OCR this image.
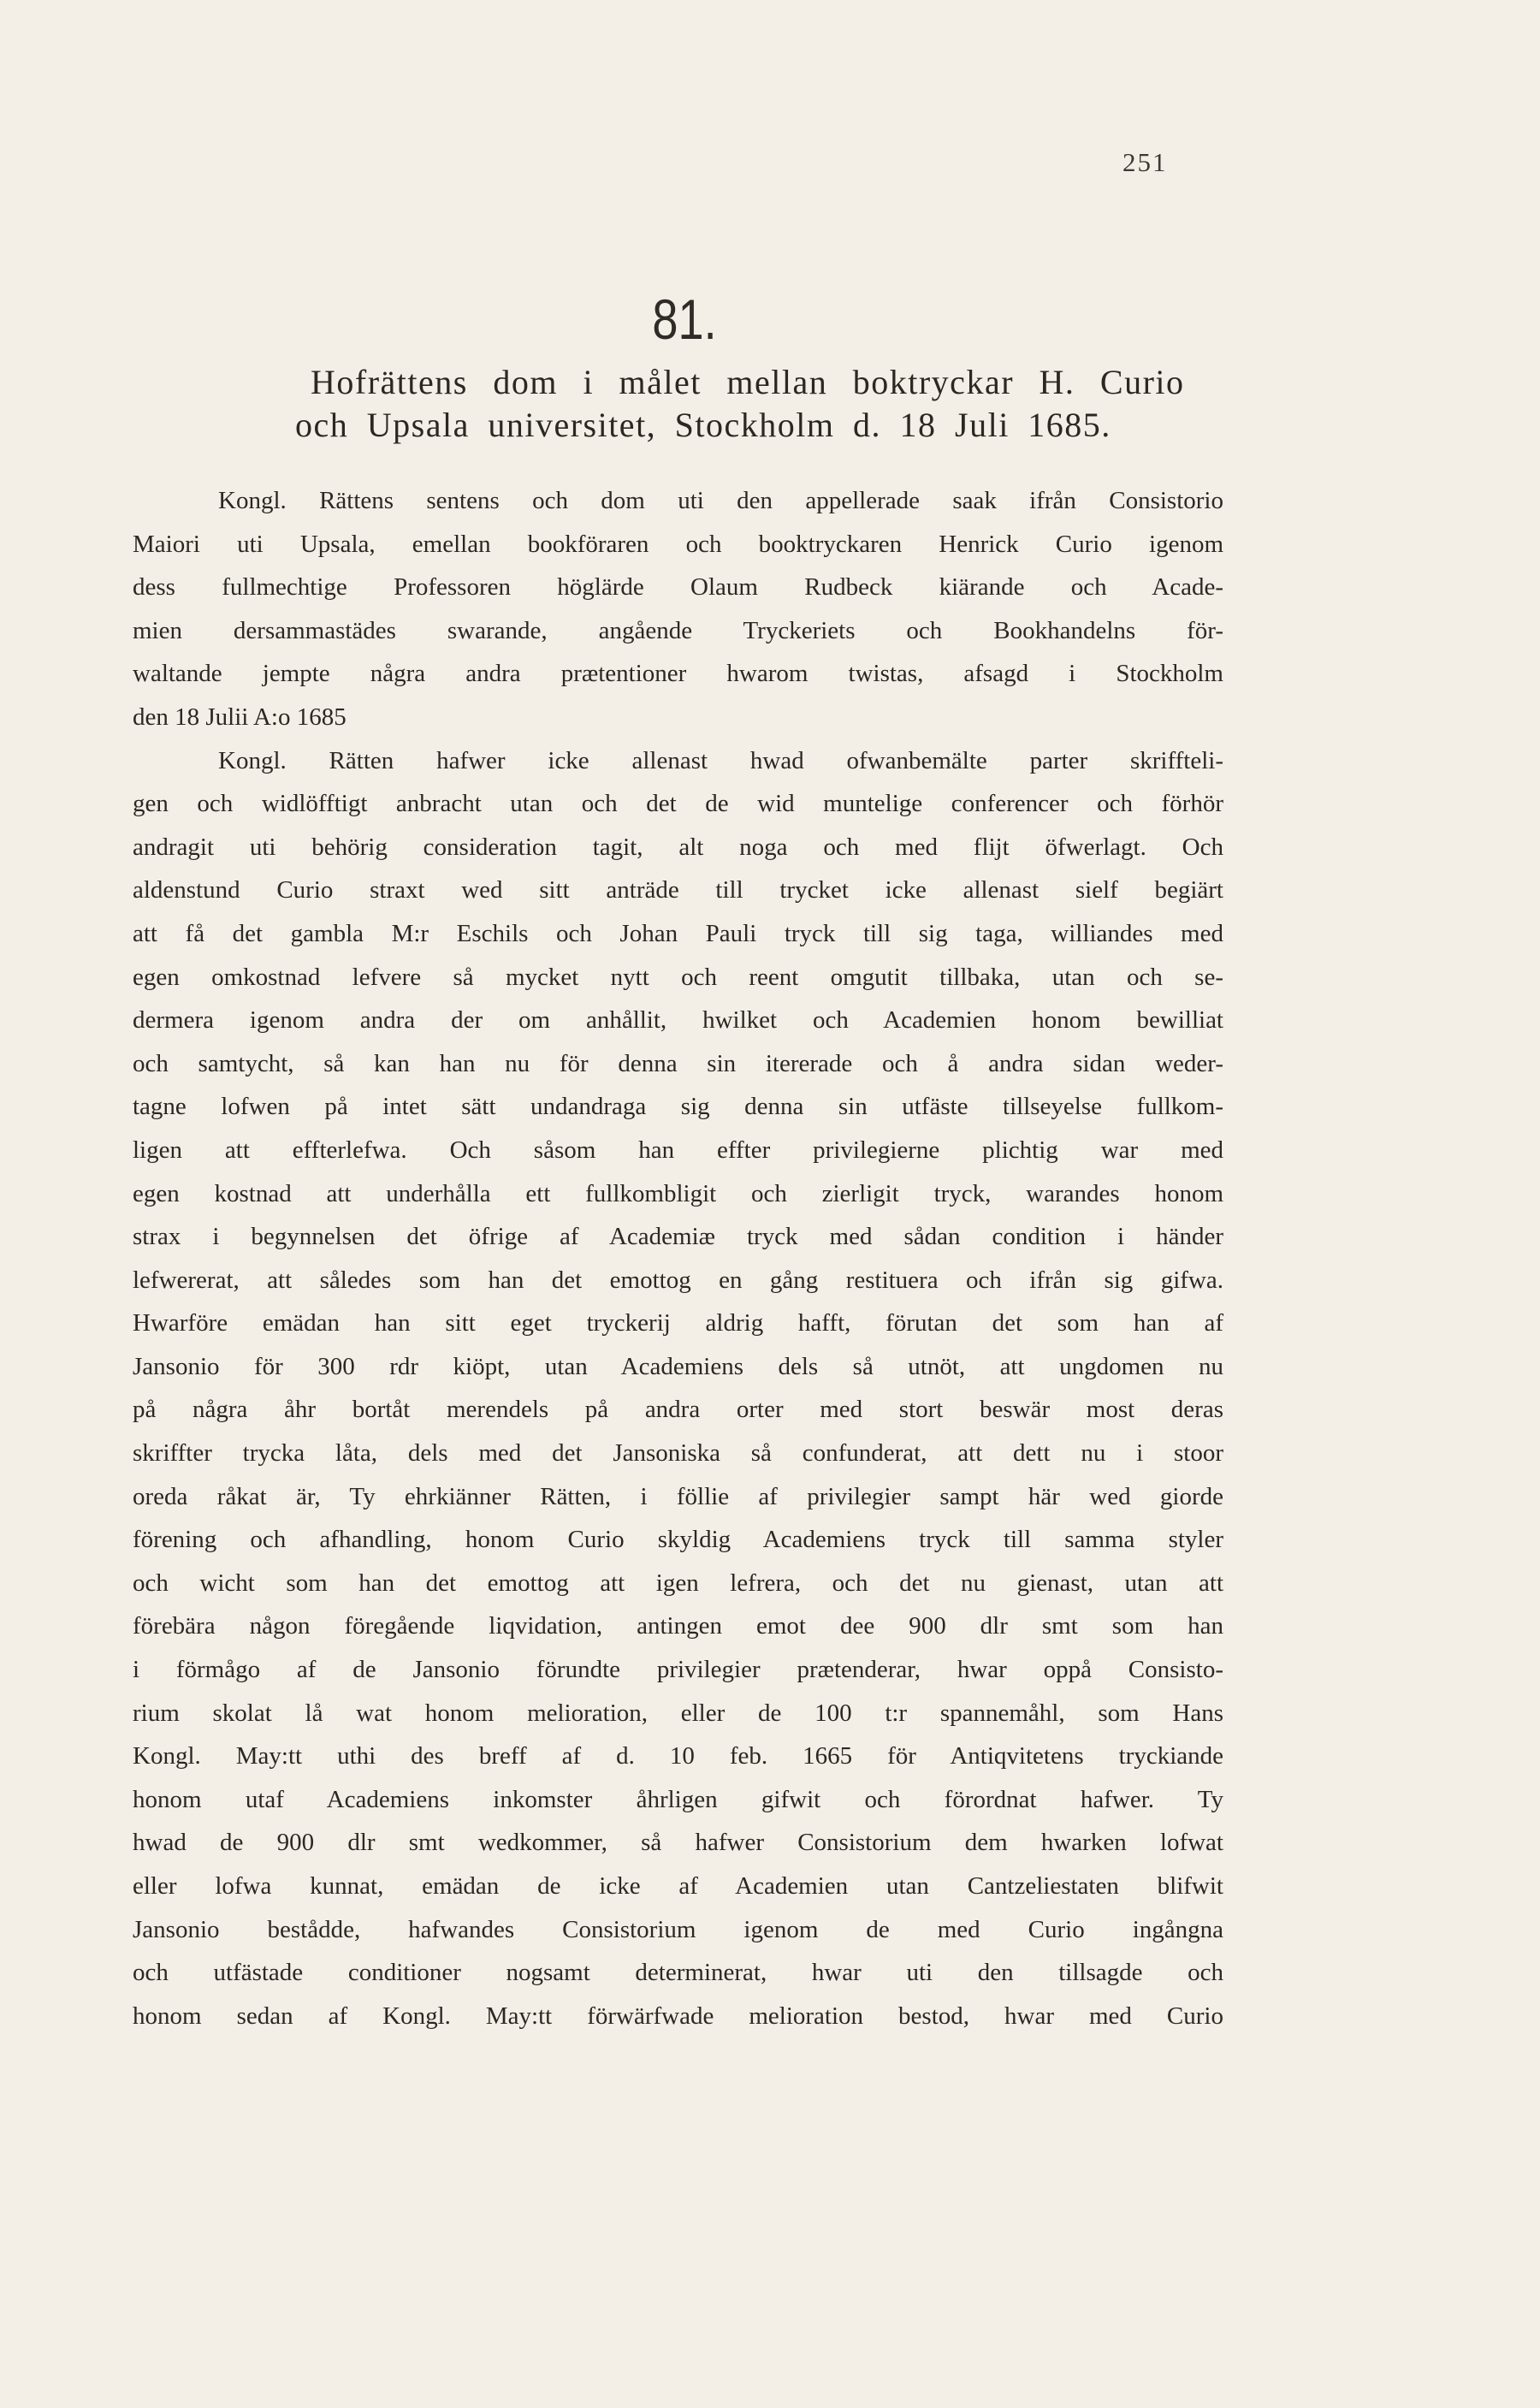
251
81.
Hofrättens dom i målet mellan boktryckar H. Curio
och Upsala universitet, Stockholm d. 18 Juli 1685.
Kongl. Rättens sentens och dom uti den appellerade saak ifrån Consistorio
Maiori uti Upsala, emellan bookföraren och booktryckaren Henrick Curio igenom
dess fullmechtige Professoren höglärde Olaum Rudbeck kiärande och Acade-
mien dersammastädes swarande, angående Tryckeriets och Bookhandelns för-
waltande jempte några andra prætentioner hwarom twistas, afsagd i Stockholm
den 18 Julii A:o 1685
Kongl. Rätten hafwer icke allenast hwad ofwanbemälte parter skriffteli-
gen och widlöfftigt anbracht utan och det de wid muntelige conferencer och förhör
andragit uti behörig consideration tagit, alt noga och med flijt öfwerlagt. Och
aldenstund Curio straxt wed sitt anträde till trycket icke allenast sielf begiärt
att få det gambla M:r Eschils och Johan Pauli tryck till sig taga, williandes med
egen omkostnad lefvere så mycket nytt och reent omgutit tillbaka, utan och se-
dermera igenom andra der om anhållit, hwilket och Academien honom bewilliat
och samtycht, så kan han nu för denna sin itererade och å andra sidan weder-
tagne lofwen på intet sätt undandraga sig denna sin utfäste tillseyelse fullkom-
ligen att effterlefwa. Och såsom han effter privilegierne plichtig war med
egen kostnad att underhålla ett fullkombligit och zierligit tryck, warandes honom
strax i begynnelsen det öfrige af Academiæ tryck med sådan condition i händer
lefwererat, att således som han det emottog en gång restituera och ifrån sig gifwa.
Hwarföre emädan han sitt eget tryckerij aldrig hafft, förutan det som han af
Jansonio för 300 rdr kiöpt, utan Academiens dels så utnöt, att ungdomen nu
på några åhr bortåt merendels på andra orter med stort beswär most deras
skriffter trycka låta, dels med det Jansoniska så confunderat, att dett nu i stoor
oreda råkat är, Ty ehrkiänner Rätten, i föllie af privilegier sampt här wed giorde
förening och afhandling, honom Curio skyldig Academiens tryck till samma styler
och wicht som han det emottog att igen lefrera, och det nu gienast, utan att
förebära någon föregående liqvidation, antingen emot dee 900 dlr smt som han
i förmågo af de Jansonio förundte privilegier prætenderar, hwar oppå Consisto-
rium skolat lå wat honom melioration, eller de 100 t:r spannemåhl, som Hans
Kongl. May:tt uthi des breff af d. 10 feb. 1665 för Antiqvitetens tryckiande
honom utaf Academiens inkomster åhrligen gifwit och förordnat hafwer. Ty
hwad de 900 dlr smt wedkommer, så hafwer Consistorium dem hwarken lofwat
eller lofwa kunnat, emädan de icke af Academien utan Cantzeliestaten blifwit
Jansonio beståddе, hafwandes Consistorium igenom de med Curio ingångna
och utfästade conditioner nogsamt determinerat, hwar uti den tillsagde och
honom sedan af Kongl. May:tt förwärfwade melioration bestod, hwar med Curio
